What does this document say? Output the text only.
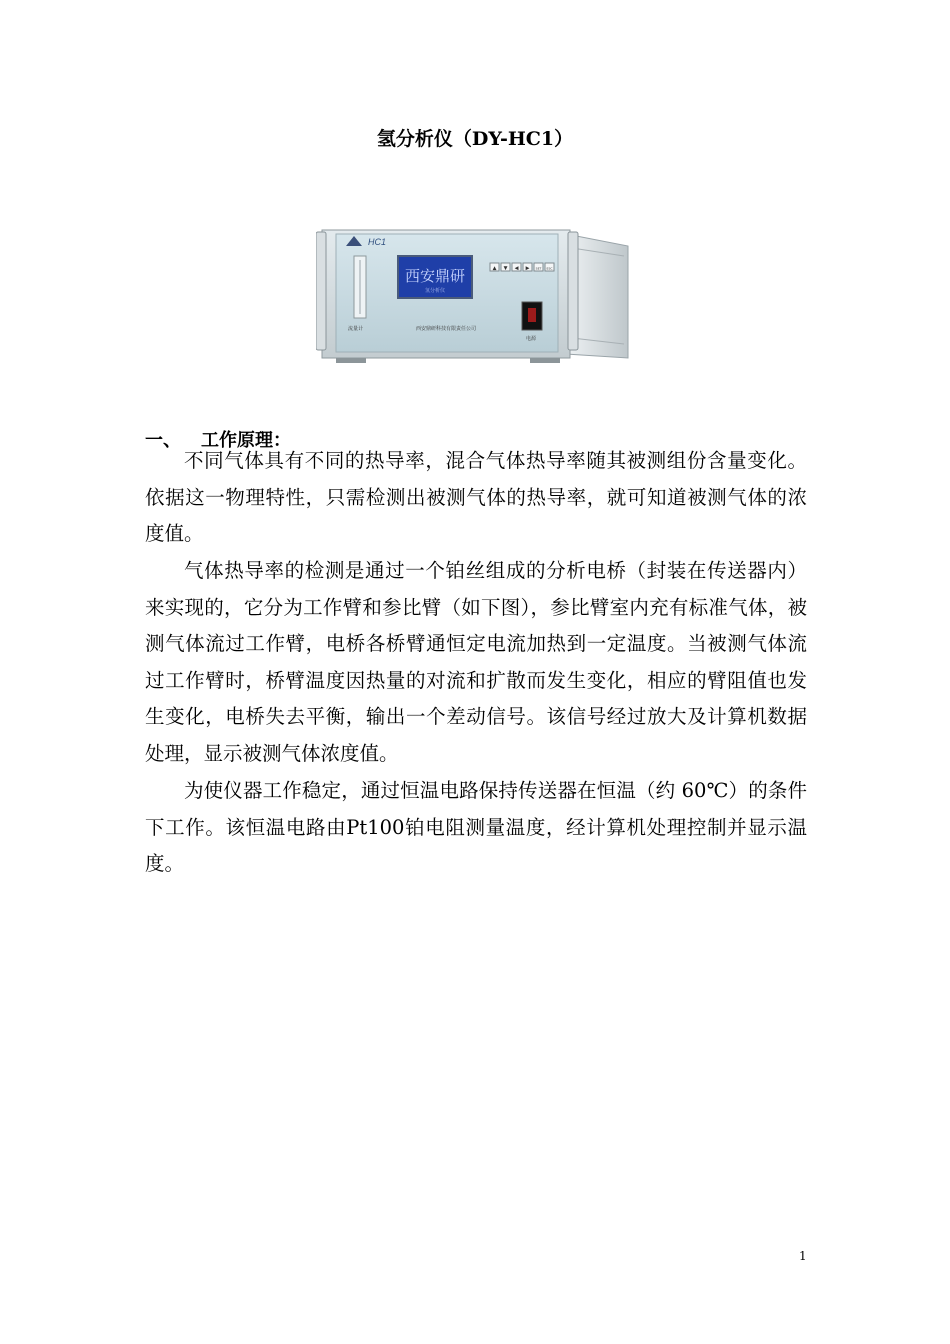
氢分析仪（DY-HC1）
HC1
流量计
西安鼎研
氢分析仪
▲ ▼ ◀ ▶ SET ESC
电源
西安鼎研科技有限责任公司
一、 工作原理：

不同气体具有不同的热导率，混合气体热导率随其被测组份含量变化。依据这一物理特性，只需检测出被测气体的热导率，就可知道被测气体的浓度值。

气体热导率的检测是通过一个铂丝组成的分析电桥（封装在传送器内）来实现的，它分为工作臂和参比臂（如下图），参比臂室内充有标准气体，被测气体流过工作臂，电桥各桥臂通恒定电流加热到一定温度。当被测气体流过工作臂时，桥臂温度因热量的对流和扩散而发生变化，相应的臂阻值也发生变化，电桥失去平衡，输出一个差动信号。该信号经过放大及计算机数据处理，显示被测气体浓度值。

为使仪器工作稳定，通过恒温电路保持传送器在恒温（约 60℃）的条件下工作。该恒温电路由Pt100铂电阻测量温度，经计算机处理控制并显示温度。

1
